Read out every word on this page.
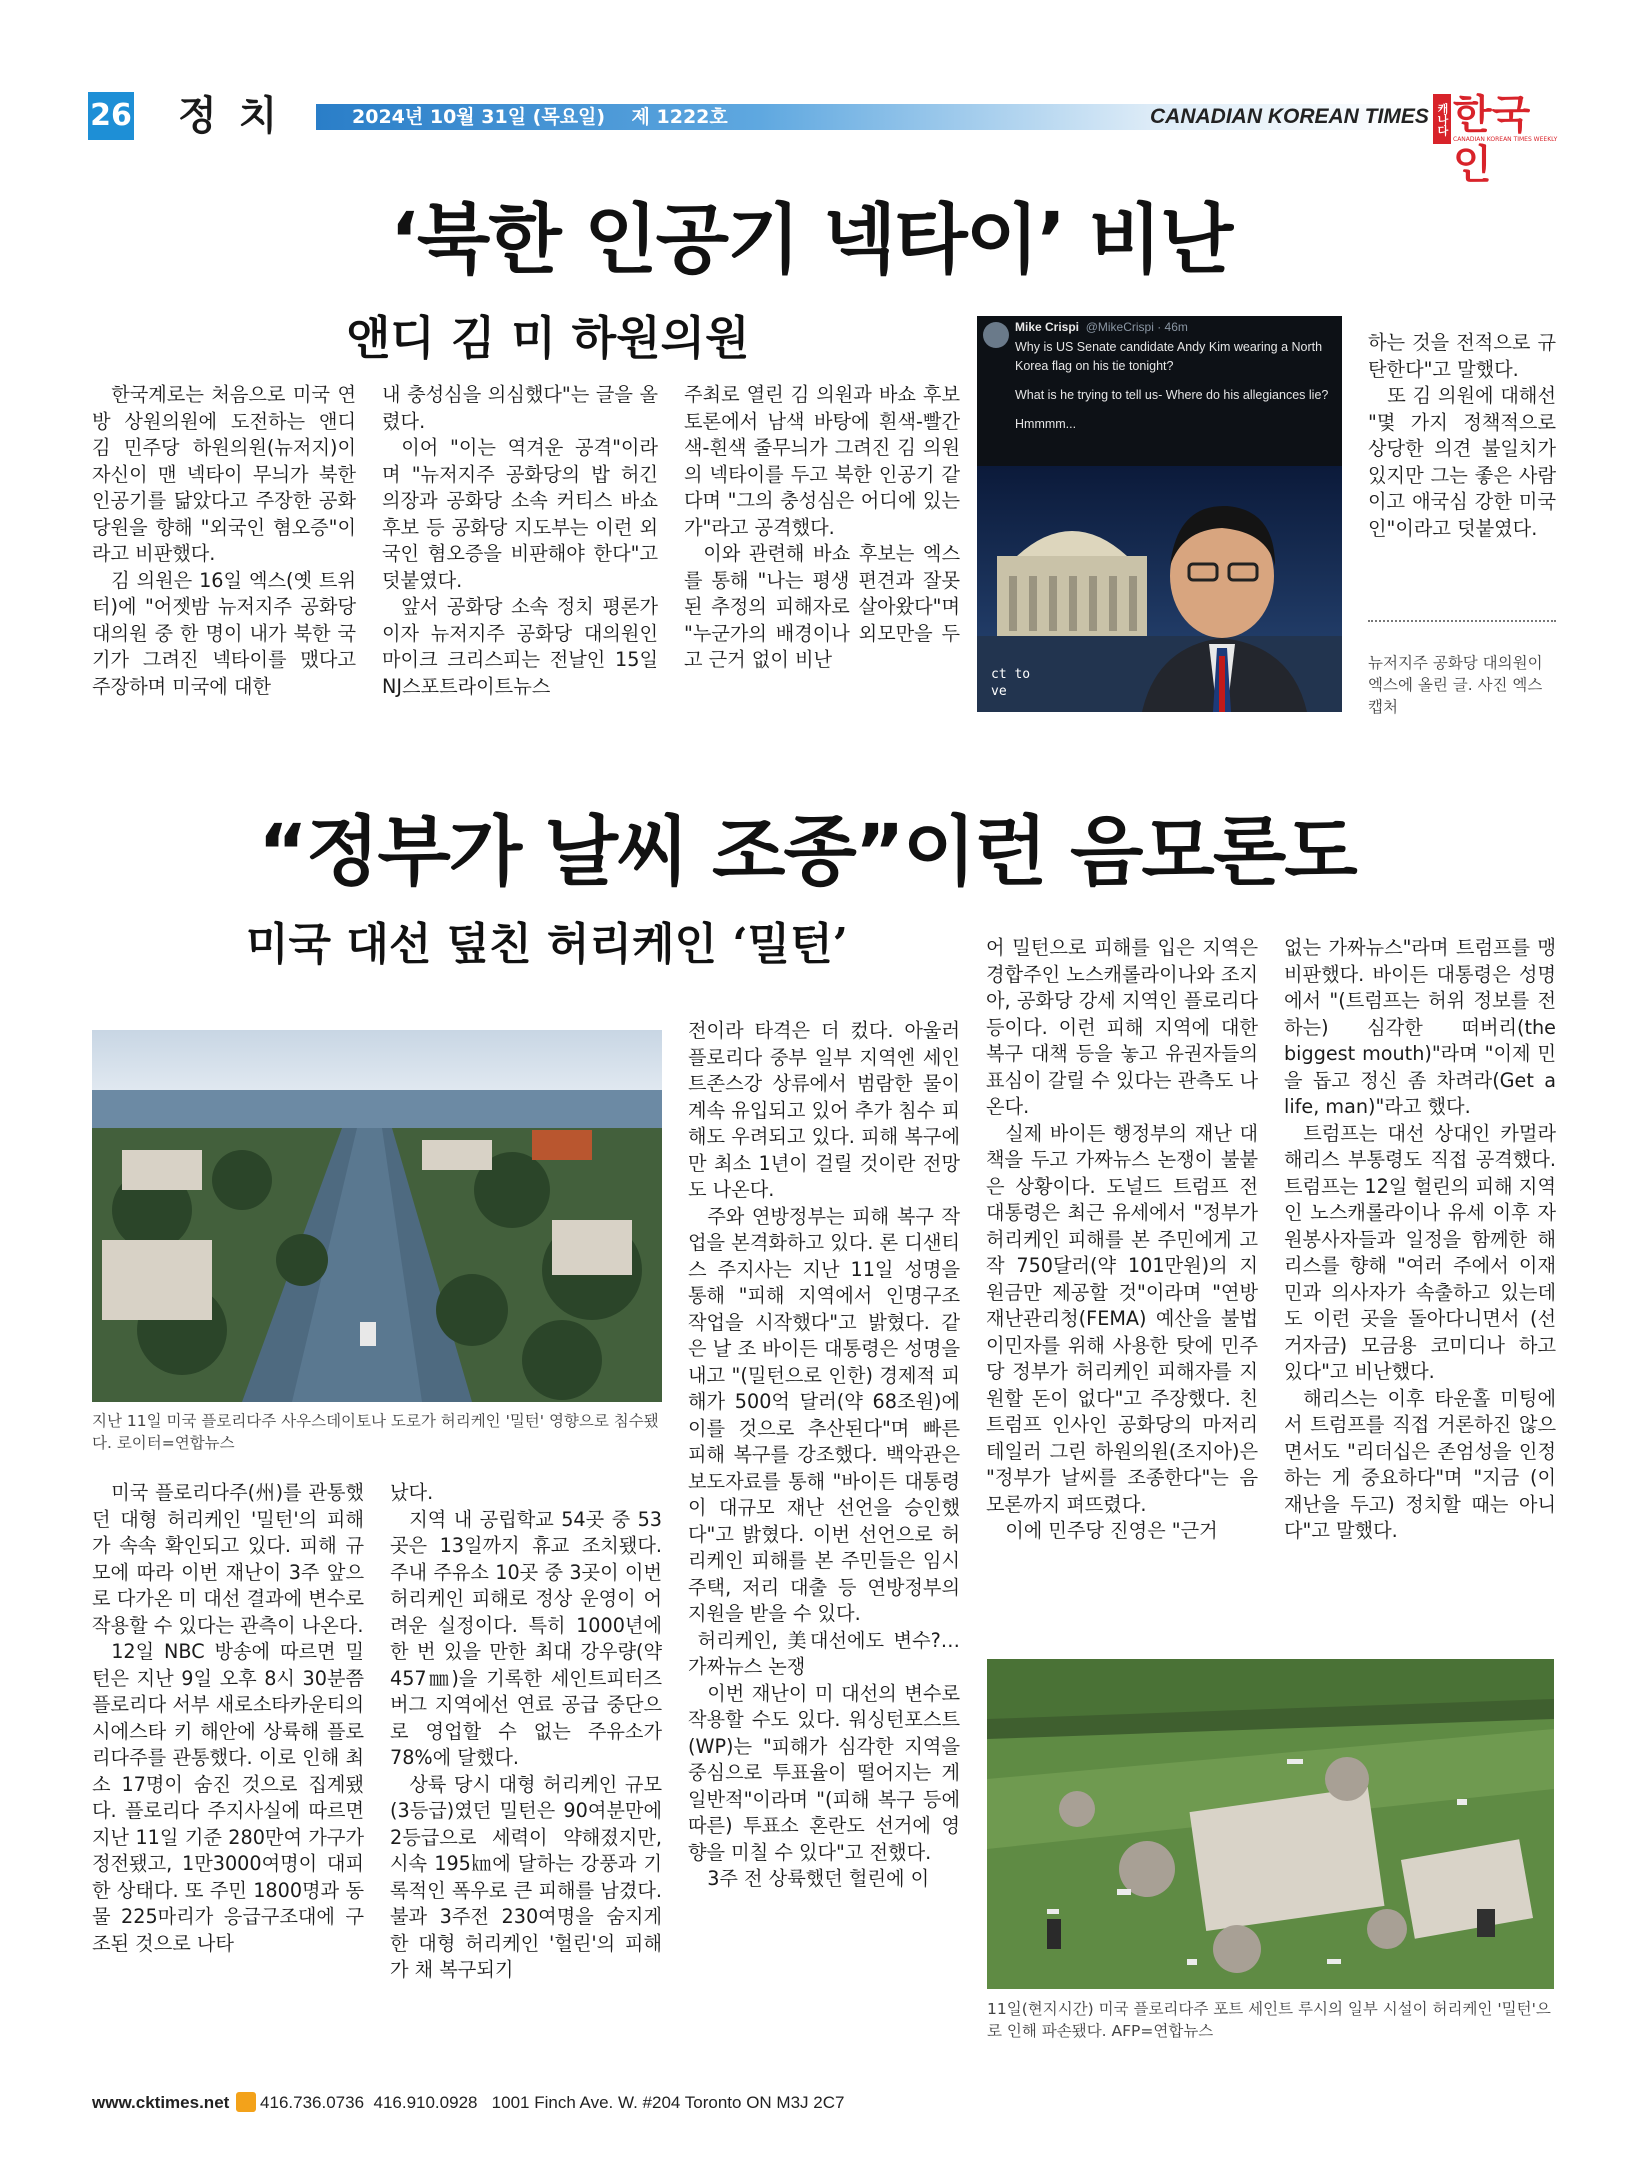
26 정치	2024년 10월 31일 (목요일)    제 1222호	CANADIAN KOREAN TIMES 캐나다 한국인
CANADIAN KOREAN TIMES WEEKLY
‘북한 인공기 넥타이’ 비난
앤디 김 미 하원의원

한국계로는 처음으로 미국 연방 상원의원에 도전하는 앤디 김 민주당 하원의원(뉴저지)이 자신이 맨 넥타이 무늬가 북한 인공기를 닮았다고 주장한 공화당원을 향해 "외국인 혐오증"이라고 비판했다.

김 의원은 16일 엑스(옛 트위터)에 "어젯밤 뉴저지주 공화당 대의원 중 한 명이 내가 북한 국기가 그려진 넥타이를 맸다고 주장하며 미국에 대한

내 충성심을 의심했다"는 글을 올렸다.

이어 "이는 역겨운 공격"이라며 "뉴저지주 공화당의 밥 허긴 의장과 공화당 소속 커티스 바쇼 후보 등 공화당 지도부는 이런 외국인 혐오증을 비판해야 한다"고 덧붙였다.

앞서 공화당 소속 정치 평론가이자 뉴저지주 공화당 대의원인 마이크 크리스피는 전날인 15일 NJ스포트라이트뉴스

주최로 열린 김 의원과 바쇼 후보 토론에서 남색 바탕에 흰색-빨간색-흰색 줄무늬가 그려진 김 의원의 넥타이를 두고 북한 인공기 같다며 "그의 충성심은 어디에 있는가"라고 공격했다.

이와 관련해 바쇼 후보는 엑스를 통해 "나는 평생 편견과 잘못된 추정의 피해자로 살아왔다"며 "누군가의 배경이나 외모만을 두고 근거 없이 비난

Mike Crispi @MikeCrispi · 46m
Why is US Senate candidate Andy Kim wearing a North Korea flag on his tie tonight?
What is he trying to tell us- Where do his allegiances lie?
Hmmmm...
ct to
ve

하는 것을 전적으로 규탄한다"고 말했다.

또 김 의원에 대해선 "몇 가지 정책적으로 상당한 의견 불일치가 있지만 그는 좋은 사람이고 애국심 강한 미국인"이라고 덧붙였다.

뉴저지주 공화당 대의원이 엑스에 올린 글. 사진 엑스 캡처
“정부가 날씨 조종”이런 음모론도
미국 대선 덮친 허리케인 ‘밀턴’
지난 11일 미국 플로리다주 사우스데이토나 도로가 허리케인 '밀턴' 영향으로 침수됐다. 로이터=연합뉴스

미국 플로리다주(州)를 관통했던 대형 허리케인 '밀턴'의 피해가 속속 확인되고 있다. 피해 규모에 따라 이번 재난이 3주 앞으로 다가온 미 대선 결과에 변수로 작용할 수 있다는 관측이 나온다.

12일 NBC 방송에 따르면 밀턴은 지난 9일 오후 8시 30분쯤 플로리다 서부 새로소타카운티의 시에스타 키 해안에 상륙해 플로리다주를 관통했다. 이로 인해 최소 17명이 숨진 것으로 집계됐다. 플로리다 주지사실에 따르면 지난 11일 기준 280만여 가구가 정전됐고, 1만3000여명이 대피한 상태다. 또 주민 1800명과 동물 225마리가 응급구조대에 구조된 것으로 나타

났다.

지역 내 공립학교 54곳 중 53곳은 13일까지 휴교 조치됐다. 주내 주유소 10곳 중 3곳이 이번 허리케인 피해로 정상 운영이 어려운 실정이다. 특히 1000년에 한 번 있을 만한 최대 강우량(약 457㎜)을 기록한 세인트피터즈버그 지역에선 연료 공급 중단으로 영업할 수 없는 주유소가 78%에 달했다.

상륙 당시 대형 허리케인 규모(3등급)였던 밀턴은 90여분만에 2등급으로 세력이 약해졌지만, 시속 195㎞에 달하는 강풍과 기록적인 폭우로 큰 피해를 남겼다. 불과 3주전 230여명을 숨지게 한 대형 허리케인 '헐린'의 피해가 채 복구되기

전이라 타격은 더 컸다. 아울러 플로리다 중부 일부 지역엔 세인트존스강 상류에서 범람한 물이 계속 유입되고 있어 추가 침수 피해도 우려되고 있다. 피해 복구에만 최소 1년이 걸릴 것이란 전망도 나온다.

주와 연방정부는 피해 복구 작업을 본격화하고 있다. 론 디샌티스 주지사는 지난 11일 성명을 통해 "피해 지역에서 인명구조 작업을 시작했다"고 밝혔다. 같은 날 조 바이든 대통령은 성명을 내고 "(밀턴으로 인한) 경제적 피해가 500억 달러(약 68조원)에 이를 것으로 추산된다"며 빠른 피해 복구를 강조했다. 백악관은 보도자료를 통해 "바이든 대통령이 대규모 재난 선언을 승인했다"고 밝혔다. 이번 선언으로 허리케인 피해를 본 주민들은 임시 주택, 저리 대출 등 연방정부의 지원을 받을 수 있다.

허리케인, 美대선에도 변수?…가짜뉴스 논쟁

이번 재난이 미 대선의 변수로 작용할 수도 있다. 워싱턴포스트(WP)는 "피해가 심각한 지역을 중심으로 투표율이 떨어지는 게 일반적"이라며 "(피해 복구 등에 따른) 투표소 혼란도 선거에 영향을 미칠 수 있다"고 전했다.

3주 전 상륙했던 헐린에 이

어 밀턴으로 피해를 입은 지역은 경합주인 노스캐롤라이나와 조지아, 공화당 강세 지역인 플로리다 등이다. 이런 피해 지역에 대한 복구 대책 등을 놓고 유권자들의 표심이 갈릴 수 있다는 관측도 나온다.

실제 바이든 행정부의 재난 대책을 두고 가짜뉴스 논쟁이 불붙은 상황이다. 도널드 트럼프 전 대통령은 최근 유세에서 "정부가 허리케인 피해를 본 주민에게 고작 750달러(약 101만원)의 지원금만 제공할 것"이라며 "연방재난관리청(FEMA) 예산을 불법 이민자를 위해 사용한 탓에 민주당 정부가 허리케인 피해자를 지원할 돈이 없다"고 주장했다. 친트럼프 인사인 공화당의 마저리 테일러 그린 하원의원(조지아)은 "정부가 날씨를 조종한다"는 음모론까지 펴뜨렸다.

이에 민주당 진영은 "근거

없는 가짜뉴스"라며 트럼프를 맹비판했다. 바이든 대통령은 성명에서 "(트럼프는 허위 정보를 전하는) 심각한 떠버리(the biggest mouth)"라며 "이제 민을 돕고 정신 좀 차려라(Get a life, man)"라고 했다.

트럼프는 대선 상대인 카멀라 해리스 부통령도 직접 공격했다. 트럼프는 12일 헐린의 피해 지역인 노스캐롤라이나 유세 이후 자원봉사자들과 일정을 함께한 해리스를 향해 "여러 주에서 이재민과 의사자가 속출하고 있는데도 이런 곳을 돌아다니면서 (선거자금) 모금용 코미디나 하고 있다"고 비난했다.

해리스는 이후 타운홀 미팅에서 트럼프를 직접 거론하진 않으면서도 "리더십은 존엄성을 인정하는 게 중요하다"며 "지금 (이 재난을 두고) 정치할 때는 아니다"고 말했다.

11일(현지시간) 미국 플로리다주 포트 세인트 루시의 일부 시설이 허리케인 '밀턴'으로 인해 파손됐다. AFP=연합뉴스
www.cktimes.net 416.736.0736  416.910.0928 1001 Finch Ave. W. #204 Toronto ON M3J 2C7
